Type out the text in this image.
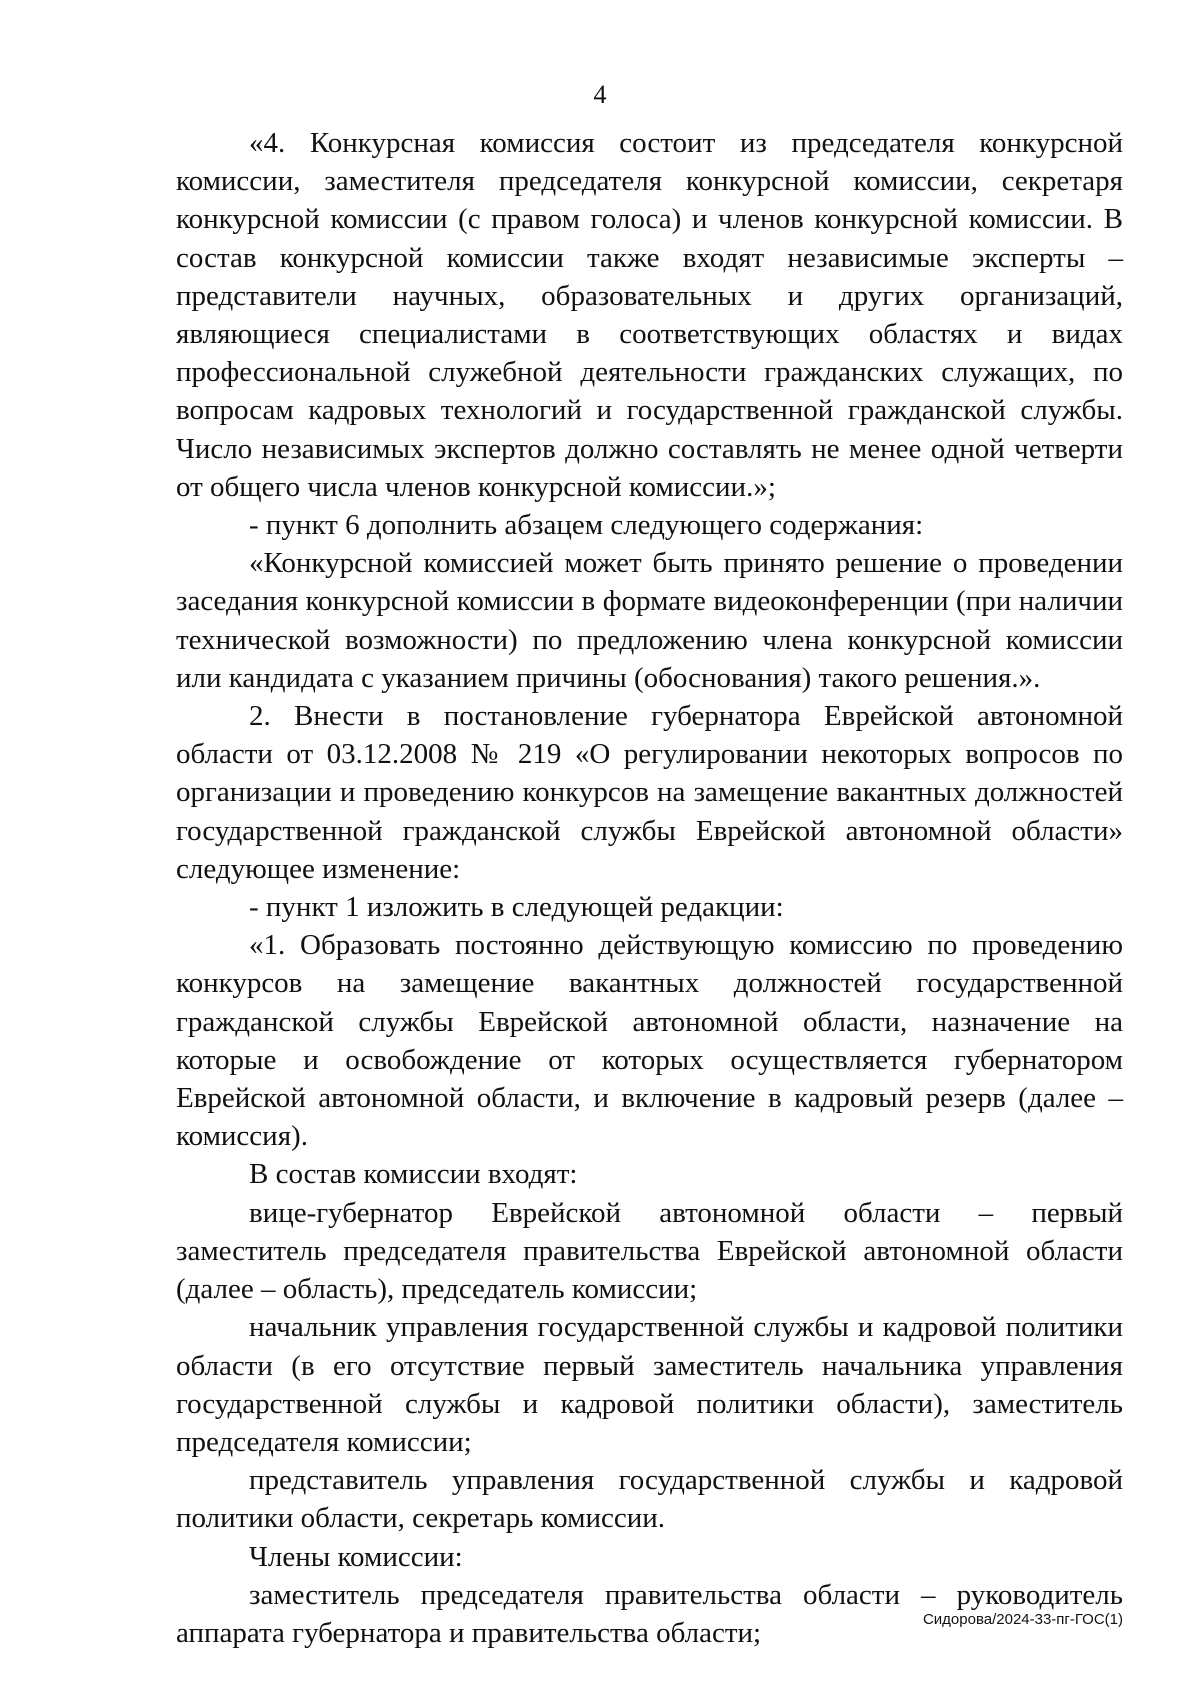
4

«4. Конкурсная комиссия состоит из председателя конкурсной комиссии, заместителя председателя конкурсной комиссии, секретаря конкурсной комиссии (с правом голоса) и членов конкурсной комиссии. В состав конкурсной комиссии также входят независимые эксперты – представители научных, образовательных и других организаций, являющиеся специалистами в соответствующих областях и видах профессиональной служебной деятельности гражданских служащих, по вопросам кадровых технологий и государственной гражданской службы. Число независимых экспертов должно составлять не менее одной четверти от общего числа членов конкурсной комиссии.»;

- пункт 6 дополнить абзацем следующего содержания:

«Конкурсной комиссией может быть принято решение о проведении заседания конкурсной комиссии в формате видеоконференции (при наличии технической возможности) по предложению члена конкурсной комиссии или кандидата с указанием причины (обоснования) такого решения.».

2. Внести в постановление губернатора Еврейской автономной области от 03.12.2008 № 219 «О регулировании некоторых вопросов по организации и проведению конкурсов на замещение вакантных должностей государственной гражданской службы Еврейской автономной области» следующее изменение:

- пункт 1 изложить в следующей редакции:

«1. Образовать постоянно действующую комиссию по проведению конкурсов на замещение вакантных должностей государственной гражданской службы Еврейской автономной области, назначение на которые и освобождение от которых осуществляется губернатором Еврейской автономной области, и включение в кадровый резерв (далее – комиссия).

В состав комиссии входят:

вице-губернатор Еврейской автономной области – первый заместитель председателя правительства Еврейской автономной области (далее – область), председатель комиссии;

начальник управления государственной службы и кадровой политики области (в его отсутствие первый заместитель начальника управления государственной службы и кадровой политики области), заместитель председателя комиссии;

представитель управления государственной службы и кадровой политики области, секретарь комиссии.

Члены комиссии:

заместитель председателя правительства области – руководитель аппарата губернатора и правительства области;	Сидорова/2024-33-пг-ГОС(1)
